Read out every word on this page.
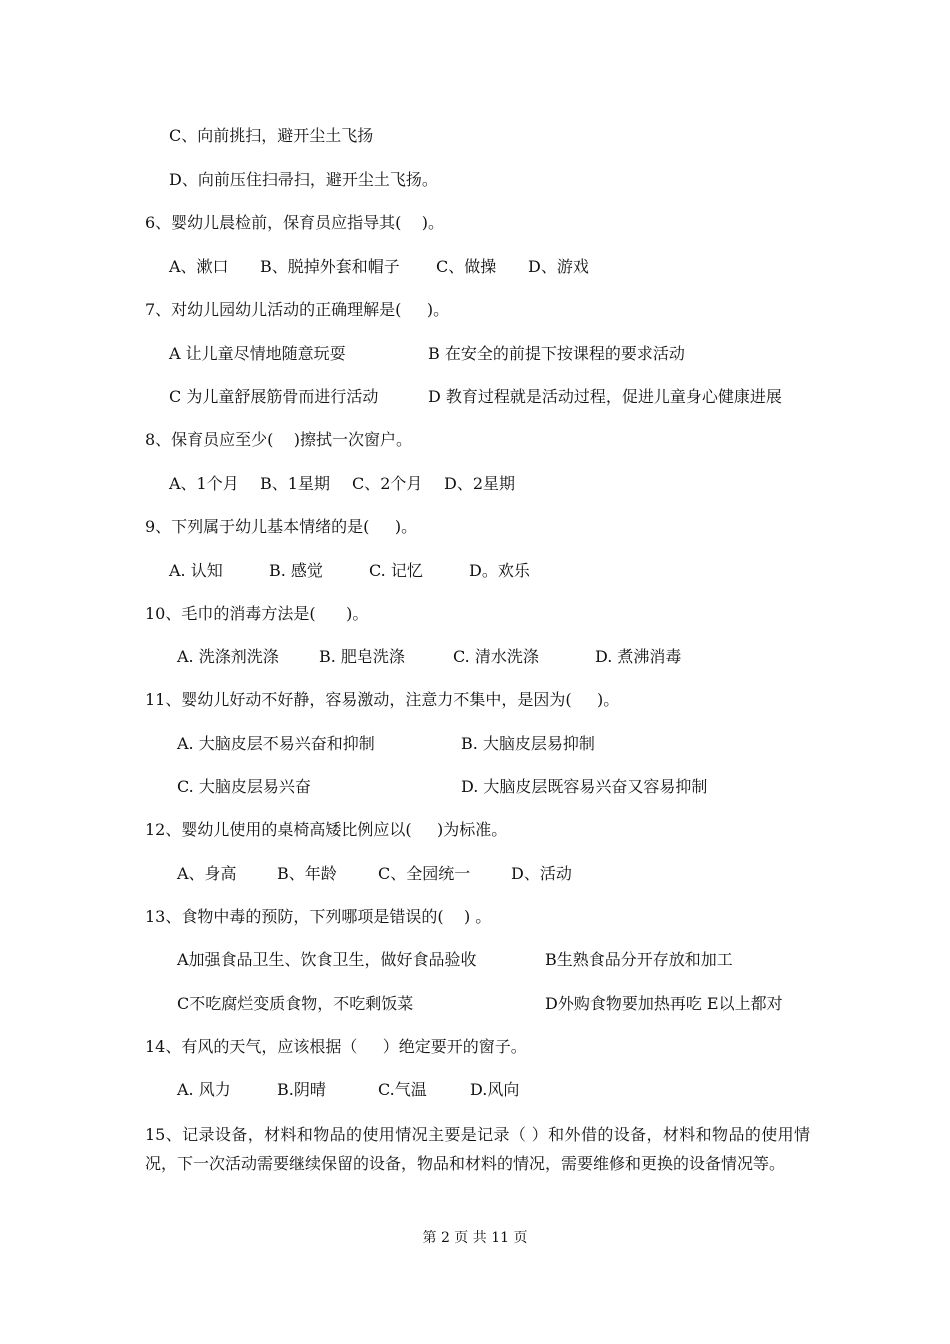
C、向前挑扫，避开尘土飞扬
D、向前压住扫帚扫，避开尘土飞扬。
6、婴幼儿晨检前，保育员应指导其(    )。
A、漱口 B、脱掉外套和帽子 C、做操 D、游戏
7、对幼儿园幼儿活动的正确理解是(     )。
A 让儿童尽情地随意玩耍	B 在安全的前提下按课程的要求活动
C 为儿童舒展筋骨而进行活动	D 教育过程就是活动过程，促进儿童身心健康进展
8、保育员应至少(    )擦拭一次窗户。
A、1个月 B、1星期 C、2个月 D、2星期
9、下列属于幼儿基本情绪的是(     )。
A. 认知	B. 感觉	C. 记忆	D。欢乐
10、毛巾的消毒方法是(      )。
A. 洗涤剂洗涤	B. 肥皂洗涤	C. 清水洗涤	D. 煮沸消毒
11、婴幼儿好动不好静，容易激动，注意力不集中，是因为(     )。
A. 大脑皮层不易兴奋和抑制	B. 大脑皮层易抑制
C. 大脑皮层易兴奋	D. 大脑皮层既容易兴奋又容易抑制
12、婴幼儿使用的桌椅高矮比例应以(     )为标准。
A、身高	B、年龄	C、全园统一	D、活动
13、食物中毒的预防，下列哪项是错误的(    ) 。
A加强食品卫生、饮食卫生，做好食品验收	B生熟食品分开存放和加工
C不吃腐烂变质食物，不吃剩饭菜	D外购食物要加热再吃 E以上都对
14、有风的天气，应该根据（     ）绝定要开的窗子。
A. 风力	B.阴晴	C.气温	D.风向
15、记录设备，材料和物品的使用情况主要是记录（ ）和外借的设备，材料和物品的使用情况，下一次活动需要继续保留的设备，物品和材料的情况，需要维修和更换的设备情况等。
第 2 页 共 11 页
